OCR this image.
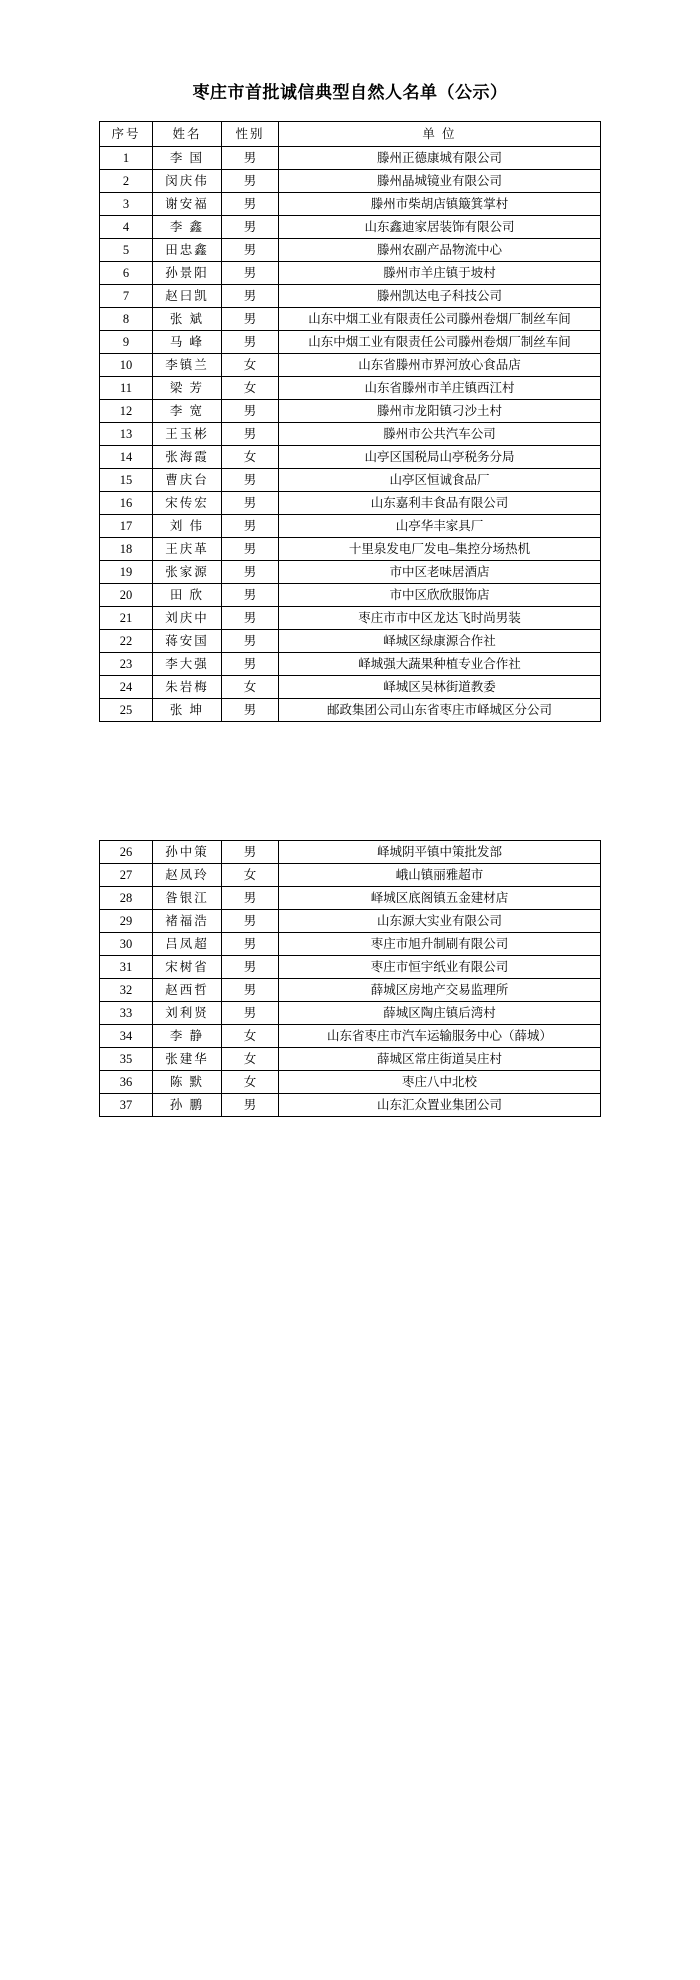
枣庄市首批诚信典型自然人名单（公示）
序号	姓名	性别	单 位
1	李 国	男	滕州正德康城有限公司
2	闵庆伟	男	滕州晶城镜业有限公司
3	谢安福	男	滕州市柴胡店镇簸箕掌村
4	李 鑫	男	山东鑫迪家居装饰有限公司
5	田忠鑫	男	滕州农副产品物流中心
6	孙景阳	男	滕州市羊庄镇于坡村
7	赵曰凯	男	滕州凯达电子科技公司
8	张 斌	男	山东中烟工业有限责任公司滕州卷烟厂制丝车间
9	马 峰	男	山东中烟工业有限责任公司滕州卷烟厂制丝车间
10	李镇兰	女	山东省滕州市界河放心食品店
11	梁 芳	女	山东省滕州市羊庄镇西江村
12	李 宽	男	滕州市龙阳镇刁沙土村
13	王玉彬	男	滕州市公共汽车公司
14	张海霞	女	山亭区国税局山亭税务分局
15	曹庆台	男	山亭区恒诚食品厂
16	宋传宏	男	山东嘉利丰食品有限公司
17	刘 伟	男	山亭华丰家具厂
18	王庆革	男	十里泉发电厂发电–集控分场热机
19	张家源	男	市中区老味居酒店
20	田 欣	男	市中区欣欣服饰店
21	刘庆中	男	枣庄市市中区龙达飞时尚男装
22	蒋安国	男	峄城区绿康源合作社
23	李大强	男	峄城强大蔬果种植专业合作社
24	朱岩梅	女	峄城区吴林街道教委
25	张 坤	男	邮政集团公司山东省枣庄市峄城区分公司
26	孙中策	男	峄城阴平镇中策批发部
27	赵凤玲	女	峨山镇丽雅超市
28	昝银江	男	峄城区底阁镇五金建材店
29	褚福浩	男	山东源大实业有限公司
30	吕凤超	男	枣庄市旭升制刷有限公司
31	宋树省	男	枣庄市恒宇纸业有限公司
32	赵西哲	男	薛城区房地产交易监理所
33	刘利贤	男	薛城区陶庄镇后湾村
34	李 静	女	山东省枣庄市汽车运输服务中心（薛城）
35	张建华	女	薛城区常庄街道吴庄村
36	陈 默	女	枣庄八中北校
37	孙 鹏	男	山东汇众置业集团公司
